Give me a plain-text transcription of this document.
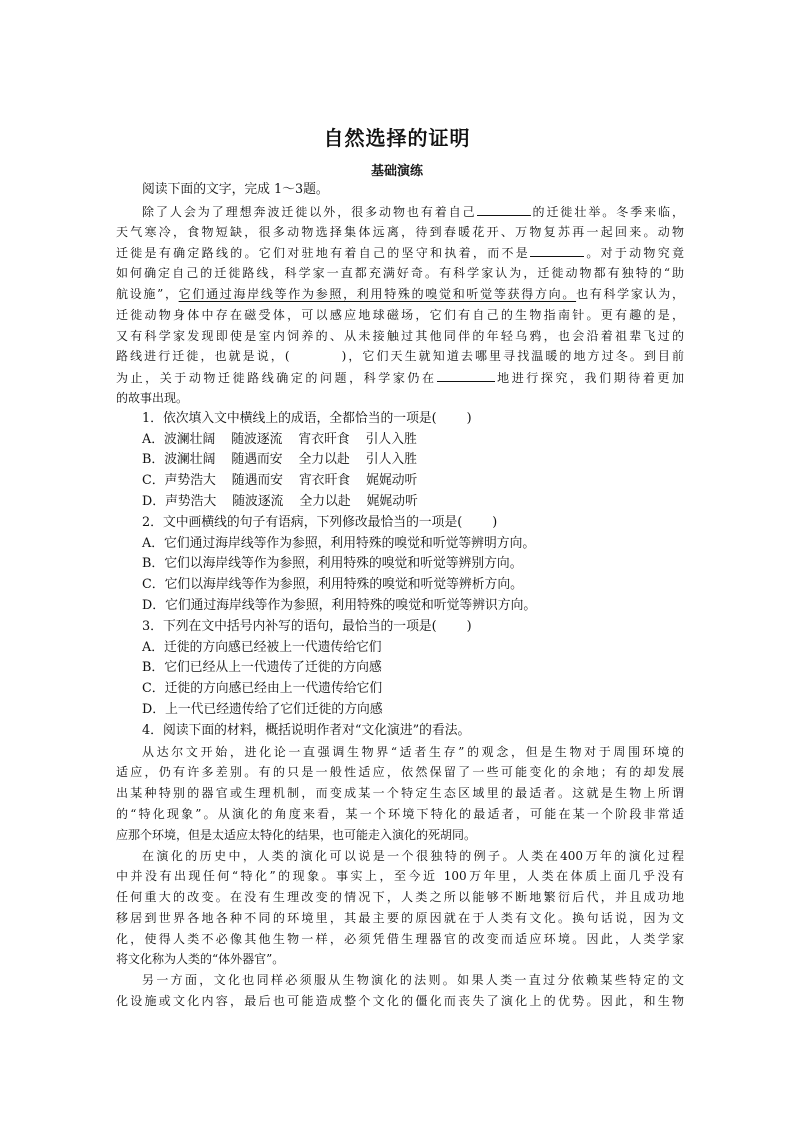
自然选择的证明
基础演练
阅读下面的文字，完成 1～3题。
除了人会为了理想奔波迁徙以外，很多动物也有着自己	的迁徙壮举。冬季来临，
天气寒冷，食物短缺，很多动物选择集体远离，待到春暖花开、万物复苏再一起回来。动物
迁徙是有确定路线的。它们对驻地有着自己的坚守和执着，而不是	。对于动物究竟
如何确定自己的迁徙路线，科学家一直都充满好奇。有科学家认为，迁徙动物都有独特的“助
航设施”，它们通过海岸线等作为参照，利用特殊的嗅觉和听觉等获得方向。也有科学家认为，
迁徙动物身体中存在磁受体，可以感应地球磁场，它们有自己的生物指南针。更有趣的是，
又有科学家发现即使是室内饲养的、从未接触过其他同伴的年轻乌鸦，也会沿着祖辈飞过的
路线进行迁徙，也就是说，(	)，它们天生就知道去哪里寻找温暖的地方过冬。到目前
为止，关于动物迁徙路线确定的问题，科学家仍在	地进行探究，我们期待着更加
的故事出现。
1．依次填入文中横线上的成语，全都恰当的一项是( )
A．波澜壮阔 随波逐流 宵衣旰食 引人入胜
B．波澜壮阔 随遇而安 全力以赴 引人入胜
C．声势浩大 随遇而安 宵衣旰食 娓娓动听
D．声势浩大 随波逐流 全力以赴 娓娓动听
2．文中画横线的句子有语病，下列修改最恰当的一项是( )
A．它们通过海岸线等作为参照，利用特殊的嗅觉和听觉等辨明方向。
B．它们以海岸线等作为参照，利用特殊的嗅觉和听觉等辨别方向。
C．它们以海岸线等作为参照，利用特殊的嗅觉和听觉等辨析方向。
D．它们通过海岸线等作为参照，利用特殊的嗅觉和听觉等辨识方向。
3．下列在文中括号内补写的语句，最恰当的一项是( )
A．迁徙的方向感已经被上一代遗传给它们
B．它们已经从上一代遗传了迁徙的方向感
C．迁徙的方向感已经由上一代遗传给它们
D．上一代已经遗传给了它们迁徙的方向感
4．阅读下面的材料，概括说明作者对“文化演进”的看法。
从达尔文开始，进化论一直强调生物界“适者生存”的观念，但是生物对于周围环境的
适应，仍有许多差别。有的只是一般性适应，依然保留了一些可能变化的余地；有的却发展
出某种特别的器官或生理机制，而变成某一个特定生态区域里的最适者。这就是生物上所谓
的“特化现象”。从演化的角度来看，某一个环境下特化的最适者，可能在某一个阶段非常适
应那个环境，但是太适应太特化的结果，也可能走入演化的死胡同。
在演化的历史中，人类的演化可以说是一个很独特的例子。人类在400万年的演化过程
中并没有出现任何“特化”的现象。事实上，至今近 100万年里，人类在体质上面几乎没有
任何重大的改变。在没有生理改变的情况下，人类之所以能够不断地繁衍后代，并且成功地
移居到世界各地各种不同的环境里，其最主要的原因就在于人类有文化。换句话说，因为文
化，使得人类不必像其他生物一样，必须凭借生理器官的改变而适应环境。因此，人类学家
将文化称为人类的“体外器官”。
另一方面，文化也同样必须服从生物演化的法则。如果人类一直过分依赖某些特定的文
化设施或文化内容，最后也可能造成整个文化的僵化而丧失了演化上的优势。因此，和生物
